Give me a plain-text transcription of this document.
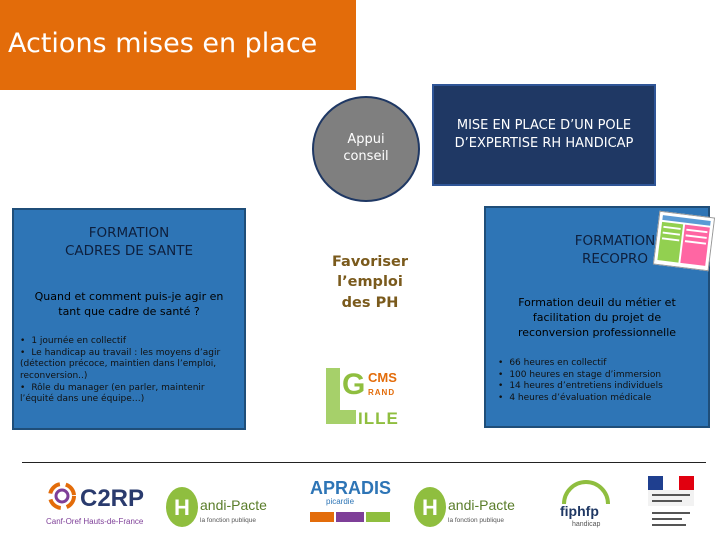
Actions mises en place
Appui
conseil
MISE EN PLACE D’UN POLE
D’EXPERTISE RH HANDICAP
FORMATION
CADRES DE SANTE
Quand et comment puis-je agir en
tant que cadre de santé ?
• 1 journée en collectif
• Le handicap au travail : les moyens d’agir (détection précoce, maintien dans l’emploi, reconversion..)
• Rôle du manager (en parler, maintenir l’équité dans une équipe…)
Favoriser
l’emploi
des PH
G CMS
RAND
ILLE
FORMATION
RECOPRO
Formation deuil du métier et
facilitation du projet de
reconversion professionnelle
• 66 heures en collectif
• 100 heures en stage d’immersion
• 14 heures d’entretiens individuels
• 4 heures d’évaluation médicale
C2RP
Canf-Oref Hauts-de-France
H andi-Pacte
la fonction publique
APRADIS
picardie	H andi-Pacte
la fonction publique
fiphfp
handicap
